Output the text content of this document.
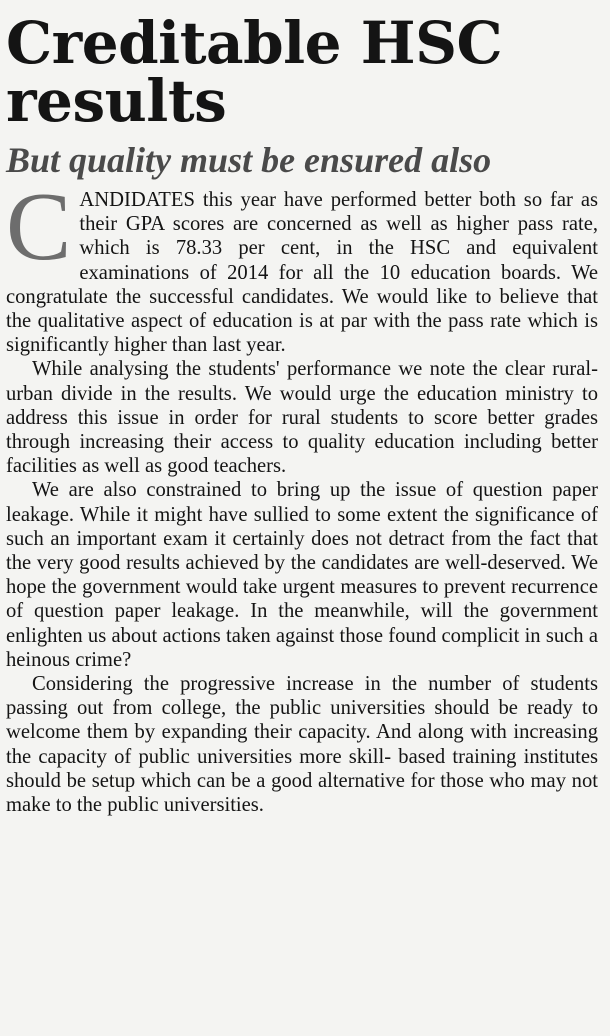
Creditable HSC results
But quality must be ensured also

CANDIDATES this year have performed better both so far as their GPA scores are concerned as well as higher pass rate, which is 78.33 per cent, in the HSC and equivalent examinations of 2014 for all the 10 education boards. We congratulate the successful candidates. We would like to believe that the qualitative aspect of education is at par with the pass rate which is significantly higher than last year.

While analysing the students' performance we note the clear rural-urban divide in the results. We would urge the education ministry to address this issue in order for rural students to score better grades through increasing their access to quality education including better facilities as well as good teachers.

We are also constrained to bring up the issue of question paper leakage. While it might have sullied to some extent the significance of such an important exam it certainly does not detract from the fact that the very good results achieved by the candidates are well-deserved. We hope the government would take urgent measures to prevent recurrence of question paper leakage. In the meanwhile, will the government enlighten us about actions taken against those found complicit in such a heinous crime?

Considering the progressive increase in the number of students passing out from college, the public universities should be ready to welcome them by expanding their capacity. And along with increasing the capacity of public universities more skill- based training institutes should be setup which can be a good alternative for those who may not make to the public universities.
